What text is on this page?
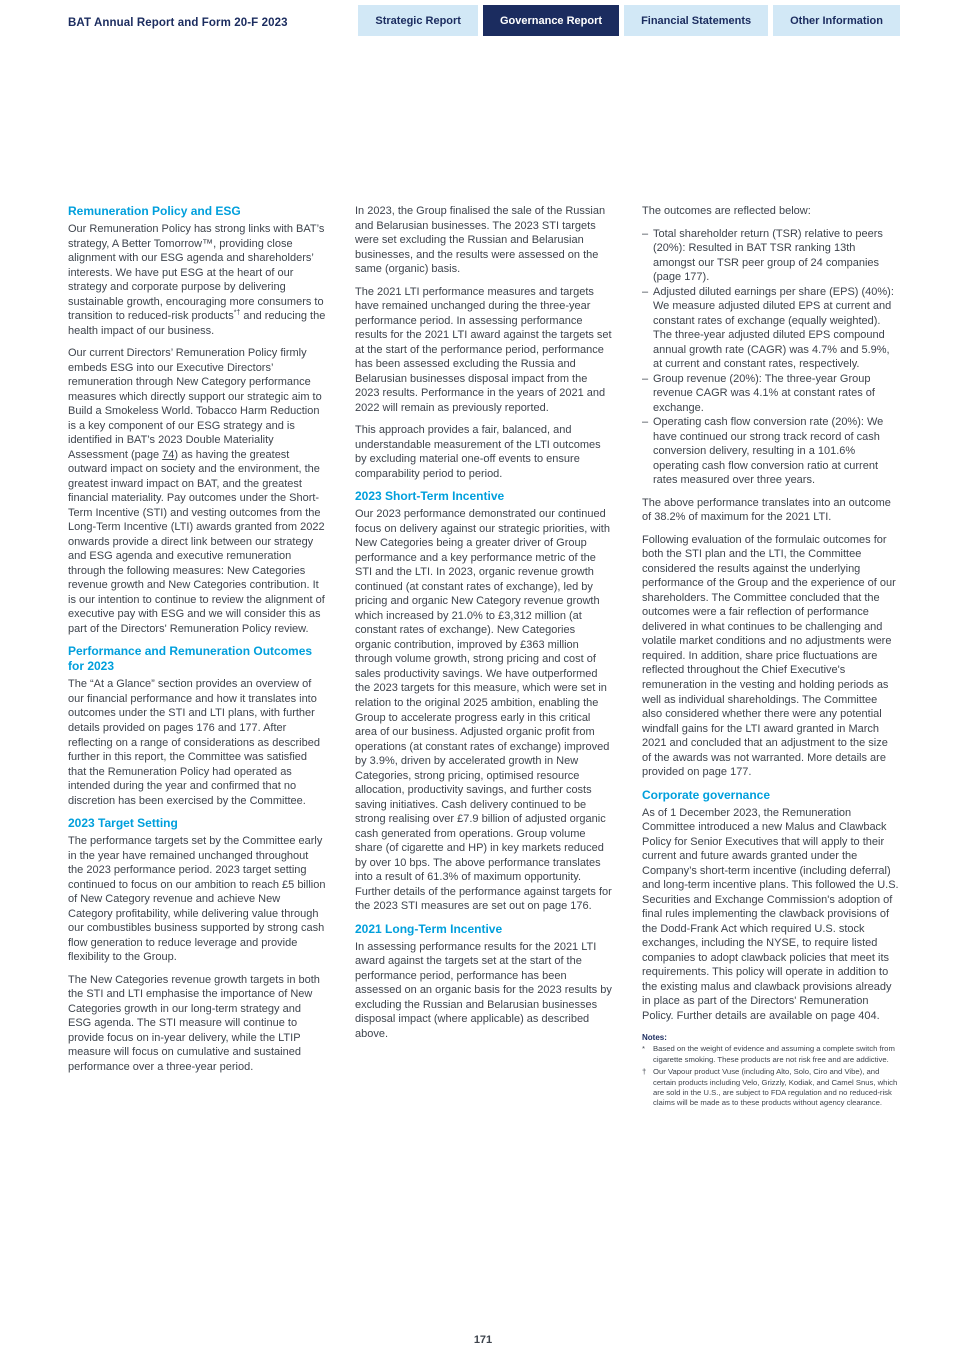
BAT Annual Report and Form 20-F 2023	Strategic Report	Governance Report	Financial Statements	Other Information
Remuneration Policy and ESG

Our Remuneration Policy has strong links with BAT’s strategy, A Better Tomorrow™, providing close alignment with our ESG agenda and shareholders’ interests. We have put ESG at the heart of our strategy and corporate purpose by delivering sustainable growth, encouraging more consumers to transition to reduced-risk products*† and reducing the health impact of our business.

Our current Directors’ Remuneration Policy firmly embeds ESG into our Executive Directors’ remuneration through New Category performance measures which directly support our strategic aim to Build a Smokeless World. Tobacco Harm Reduction is a key component of our ESG strategy and is identified in BAT’s 2023 Double Materiality Assessment (page 74) as having the greatest outward impact on society and the environment, the greatest inward impact on BAT, and the greatest financial materiality. Pay outcomes under the Short-Term Incentive (STI) and vesting outcomes from the Long-Term Incentive (LTI) awards granted from 2022 onwards provide a direct link between our strategy and ESG agenda and executive remuneration through the following measures: New Categories revenue growth and New Categories contribution. It is our intention to continue to review the alignment of executive pay with ESG and we will consider this as part of the Directors' Remuneration Policy review.

Performance and Remuneration Outcomes for 2023

The “At a Glance” section provides an overview of our financial performance and how it translates into outcomes under the STI and LTI plans, with further details provided on pages 176 and 177. After reflecting on a range of considerations as described further in this report, the Committee was satisfied that the Remuneration Policy had operated as intended during the year and confirmed that no discretion has been exercised by the Committee.

2023 Target Setting

The performance targets set by the Committee early in the year have remained unchanged throughout the 2023 performance period. 2023 target setting continued to focus on our ambition to reach £5 billion of New Category revenue and achieve New Category profitability, while delivering value through our combustibles business supported by strong cash flow generation to reduce leverage and provide flexibility to the Group.

The New Categories revenue growth targets in both the STI and LTI emphasise the importance of New Categories growth in our long-term strategy and ESG agenda. The STI measure will continue to provide focus on in-year delivery, while the LTIP measure will focus on cumulative and sustained performance over a three-year period.

In 2023, the Group finalised the sale of the Russian and Belarusian businesses. The 2023 STI targets were set excluding the Russian and Belarusian businesses, and the results were assessed on the same (organic) basis.

The 2021 LTI performance measures and targets have remained unchanged during the three-year performance period. In assessing performance results for the 2021 LTI award against the targets set at the start of the performance period, performance has been assessed excluding the Russia and Belarusian businesses disposal impact from the 2023 results. Performance in the years of 2021 and 2022 will remain as previously reported.

This approach provides a fair, balanced, and understandable measurement of the LTI outcomes by excluding material one-off events to ensure comparability period to period.

2023 Short-Term Incentive

Our 2023 performance demonstrated our continued focus on delivery against our strategic priorities, with New Categories being a greater driver of Group performance and a key performance metric of the STI and the LTI. In 2023, organic revenue growth continued (at constant rates of exchange), led by pricing and organic New Category revenue growth which increased by 21.0% to £3,312 million (at constant rates of exchange). New Categories organic contribution, improved by £363 million through volume growth, strong pricing and cost of sales productivity savings. We have outperformed the 2023 targets for this measure, which were set in relation to the original 2025 ambition, enabling the Group to accelerate progress early in this critical area of our business. Adjusted organic profit from operations (at constant rates of exchange) improved by 3.9%, driven by accelerated growth in New Categories, strong pricing, optimised resource allocation, productivity savings, and further costs saving initiatives. Cash delivery continued to be strong realising over £7.9 billion of adjusted organic cash generated from operations. Group volume share (of cigarette and HP) in key markets reduced by over 10 bps. The above performance translates into a result of 61.3% of maximum opportunity. Further details of the performance against targets for the 2023 STI measures are set out on page 176.

2021 Long-Term Incentive

In assessing performance results for the 2021 LTI award against the targets set at the start of the performance period, performance has been assessed on an organic basis for the 2023 results by excluding the Russian and Belarusian businesses disposal impact (where applicable) as described above.

The outcomes are reflected below:

– Total shareholder return (TSR) relative to peers (20%): Resulted in BAT TSR ranking 13th amongst our TSR peer group of 24 companies (page 177).
– Adjusted diluted earnings per share (EPS) (40%): We measure adjusted diluted EPS at current and constant rates of exchange (equally weighted). The three-year adjusted diluted EPS compound annual growth rate (CAGR) was 4.7% and 5.9%, at current and constant rates, respectively.
– Group revenue (20%): The three-year Group revenue CAGR was 4.1% at constant rates of exchange.
– Operating cash flow conversion rate (20%): We have continued our strong track record of cash conversion delivery, resulting in a 101.6% operating cash flow conversion ratio at current rates measured over three years.

The above performance translates into an outcome of 38.2% of maximum for the 2021 LTI.

Following evaluation of the formulaic outcomes for both the STI plan and the LTI, the Committee considered the results against the underlying performance of the Group and the experience of our shareholders. The Committee concluded that the outcomes were a fair reflection of performance delivered in what continues to be challenging and volatile market conditions and no adjustments were required. In addition, share price fluctuations are reflected throughout the Chief Executive's remuneration in the vesting and holding periods as well as individual shareholdings. The Committee also considered whether there were any potential windfall gains for the LTI award granted in March 2021 and concluded that an adjustment to the size of the awards was not warranted. More details are provided on page 177.

Corporate governance

As of 1 December 2023, the Remuneration Committee introduced a new Malus and Clawback Policy for Senior Executives that will apply to their current and future awards granted under the Company’s short-term incentive (including deferral) and long-term incentive plans. This followed the U.S. Securities and Exchange Commission's adoption of final rules implementing the clawback provisions of the Dodd-Frank Act which required U.S. stock exchanges, including the NYSE, to require listed companies to adopt clawback policies that meet its requirements. This policy will operate in addition to the existing malus and clawback provisions already in place as part of the Directors' Remuneration Policy. Further details are available on page 404.

Notes:
*	Based on the weight of evidence and assuming a complete switch from cigarette smoking. These products are not risk free and are addictive.
† Our Vapour product Vuse (including Alto, Solo, Ciro and Vibe), and certain products including Velo, Grizzly, Kodiak, and Camel Snus, which are sold in the U.S., are subject to FDA regulation and no reduced-risk claims will be made as to these products without agency clearance.
171
